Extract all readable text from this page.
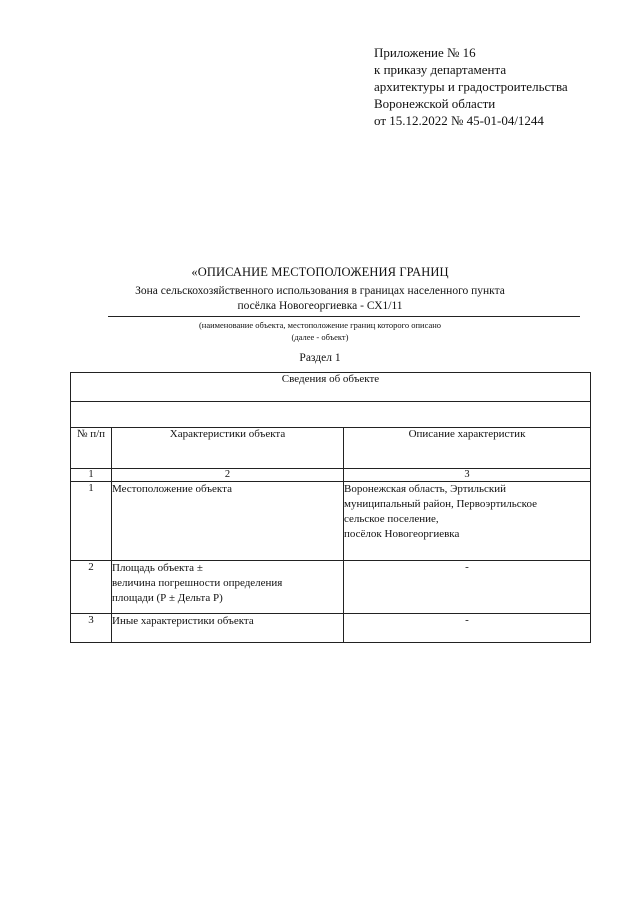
Приложение № 16
к приказу департамента
архитектуры и градостроительства
Воронежской области
от 15.12.2022 № 45-01-04/1244
«ОПИСАНИЕ МЕСТОПОЛОЖЕНИЯ ГРАНИЦ
Зона сельскохозяйственного использования в границах населенного пункта
посёлка Новогеоргиевка - СХ1/11
(наименование объекта, местоположение границ которого описано
(далее - объект)
Раздел 1
Сведения об объекте		

№ п/п	Характеристики объекта	Описание характеристик
1	2	3
1	Местоположение объекта	Воронежская область, Эртильский
муниципальный район, Первоэртильское
сельское поселение,
посёлок Новогеоргиевка

2	Площадь объекта ±
величина погрешности определения
площади (Р ± Дельта Р)	-
3	Иные характеристики объекта	-
